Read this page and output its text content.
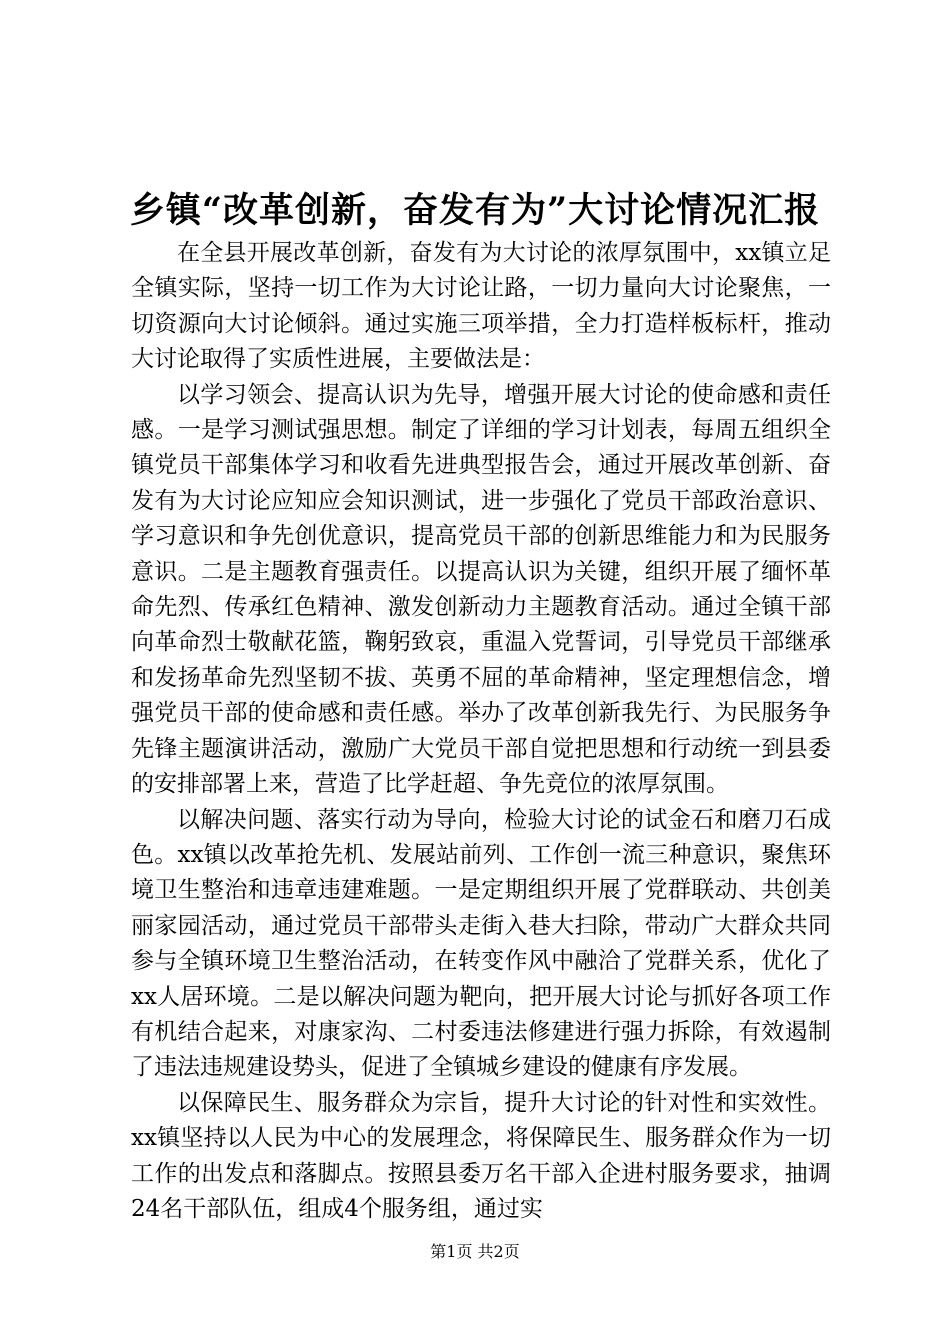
乡镇“改革创新，奋发有为”大讨论情况汇报

在全县开展改革创新，奋发有为大讨论的浓厚氛围中，xx镇立足全镇实际，坚持一切工作为大讨论让路，一切力量向大讨论聚焦，一切资源向大讨论倾斜。通过实施三项举措，全力打造样板标杆，推动大讨论取得了实质性进展，主要做法是：

以学习领会、提高认识为先导，增强开展大讨论的使命感和责任感。一是学习测试强思想。制定了详细的学习计划表，每周五组织全镇党员干部集体学习和收看先进典型报告会，通过开展改革创新、奋发有为大讨论应知应会知识测试，进一步强化了党员干部政治意识、学习意识和争先创优意识，提高党员干部的创新思维能力和为民服务意识。二是主题教育强责任。以提高认识为关键，组织开展了缅怀革命先烈、传承红色精神、激发创新动力主题教育活动。通过全镇干部向革命烈士敬献花篮，鞠躬致哀，重温入党誓词，引导党员干部继承和发扬革命先烈坚韧不拔、英勇不屈的革命精神，坚定理想信念，增强党员干部的使命感和责任感。举办了改革创新我先行、为民服务争先锋主题演讲活动，激励广大党员干部自觉把思想和行动统一到县委的安排部署上来，营造了比学赶超、争先竞位的浓厚氛围。

以解决问题、落实行动为导向，检验大讨论的试金石和磨刀石成色。xx镇以改革抢先机、发展站前列、工作创一流三种意识，聚焦环境卫生整治和违章违建难题。一是定期组织开展了党群联动、共创美丽家园活动，通过党员干部带头走街入巷大扫除，带动广大群众共同参与全镇环境卫生整治活动，在转变作风中融洽了党群关系，优化了xx人居环境。二是以解决问题为靶向，把开展大讨论与抓好各项工作有机结合起来，对康家沟、二村委违法修建进行强力拆除，有效遏制了违法违规建设势头，促进了全镇城乡建设的健康有序发展。

以保障民生、服务群众为宗旨，提升大讨论的针对性和实效性。xx镇坚持以人民为中心的发展理念，将保障民生、服务群众作为一切工作的出发点和落脚点。按照县委万名干部入企进村服务要求，抽调24名干部队伍，组成4个服务组，通过实

第1页 共2页
